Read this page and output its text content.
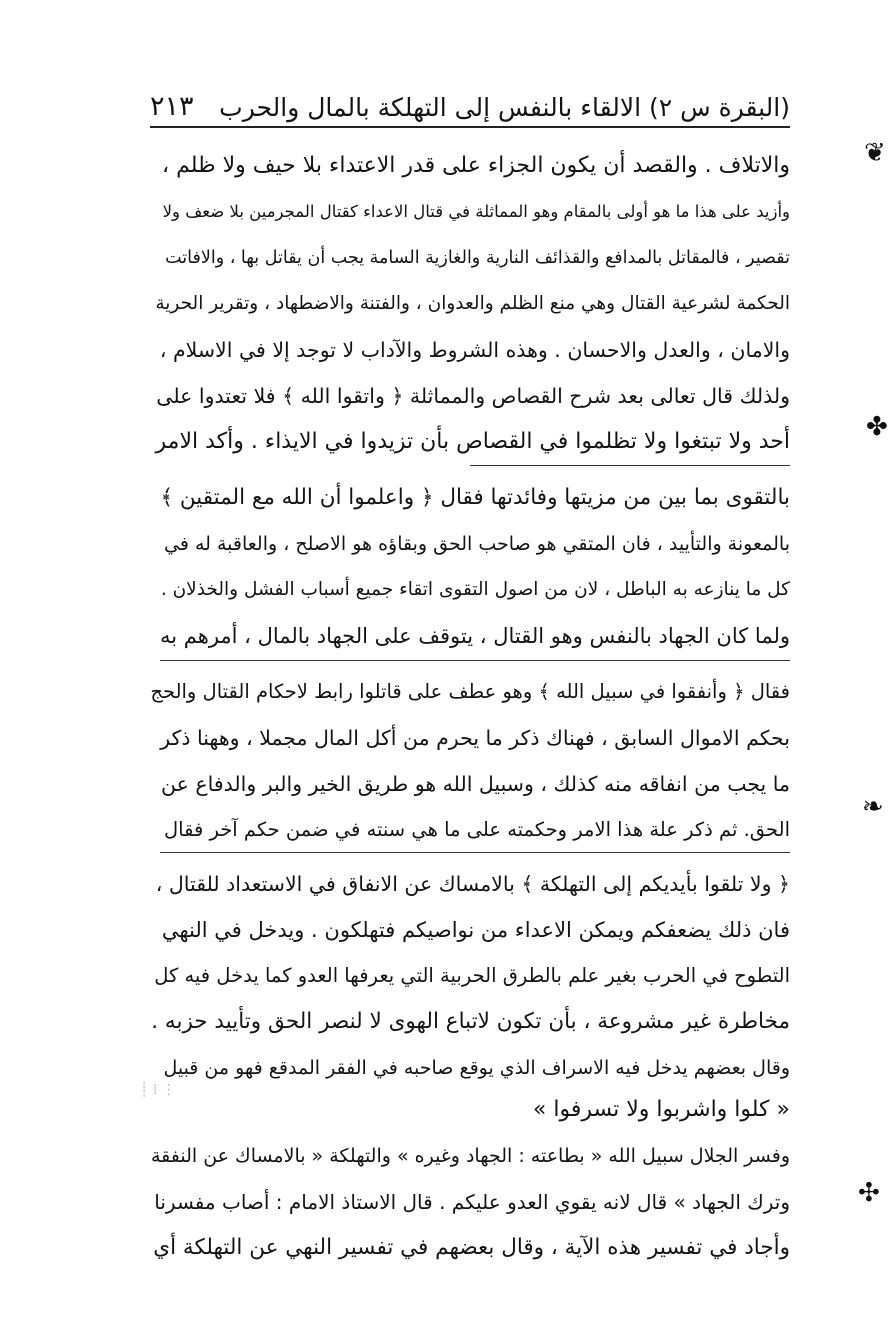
(البقرة س ٢) الالقاء بالنفس إلى التهلكة بالمال والحرب
٢١٣
والاتلاف . والقصد أن يكون الجزاء على قدر الاعتداء بلا حيف ولا ظلم ،
وأزيد على هذا ما هو أولى بالمقام وهو المماثلة في قتال الاعداء كقتال المجرمين بلا ضعف ولا
تقصير ، فالمقاتل بالمدافع والقذائف النارية والغازية السامة يجب أن يقاتل بها ، والافاتت
الحكمة لشرعية القتال وهي منع الظلم والعدوان ، والفتنة والاضطهاد ، وتقرير الحرية
والامان ، والعدل والاحسان . وهذه الشروط والآداب لا توجد إلا في الاسلام ،
ولذلك قال تعالى بعد شرح القصاص والمماثلة ﴿ واتقوا الله ﴾ فلا تعتدوا على
أحد ولا تبتغوا ولا تظلموا في القصاص بأن تزيدوا في الايذاء . وأكد الامر
بالتقوى بما بين من مزيتها وفائدتها فقال ﴿ واعلموا أن الله مع المتقين ﴾
بالمعونة والتأييد ، فان المتقي هو صاحب الحق وبقاؤه هو الاصلح ، والعاقبة له في
كل ما ينازعه به الباطل ، لان من اصول التقوى اتقاء جميع أسباب الفشل والخذلان .
ولما كان الجهاد بالنفس وهو القتال ، يتوقف على الجهاد بالمال ، أمرهم به
فقال ﴿ وأنفقوا في سبيل الله ﴾ وهو عطف على قاتلوا رابط لاحكام القتال والحج
بحكم الاموال السابق ، فهناك ذكر ما يحرم من أكل المال مجملا ، وههنا ذكر
ما يجب من انفاقه منه كذلك ، وسبيل الله هو طريق الخير والبر والدفاع عن
الحق. ثم ذكر علة هذا الامر وحكمته على ما هي سنته في ضمن حكم آخر فقال
﴿ ولا تلقوا بأيديكم إلى التهلكة ﴾ بالامساك عن الانفاق في الاستعداد للقتال ،
فان ذلك يضعفكم ويمكن الاعداء من نواصيكم فتهلكون . ويدخل في النهي
التطوح في الحرب بغير علم بالطرق الحربية التي يعرفها العدو كما يدخل فيه كل
مخاطرة غير مشروعة ، بأن تكون لاتباع الهوى لا لنصر الحق وتأييد حزبه .
وقال بعضهم يدخل فيه الاسراف الذي يوقع صاحبه في الفقر المدقع فهو من قبيل
« كلوا واشربوا ولا تسرفوا »
┊ ⁞ ⋮
وفسر الجلال سبيل الله « بطاعته : الجهاد وغيره » والتهلكة « بالامساك عن النفقة
وترك الجهاد » قال لانه يقوي العدو عليكم . قال الاستاذ الامام : أصاب مفسرنا
وأجاد في تفسير هذه الآية ، وقال بعضهم في تفسير النهي عن التهلكة أي
❦
✤
❧
✣
